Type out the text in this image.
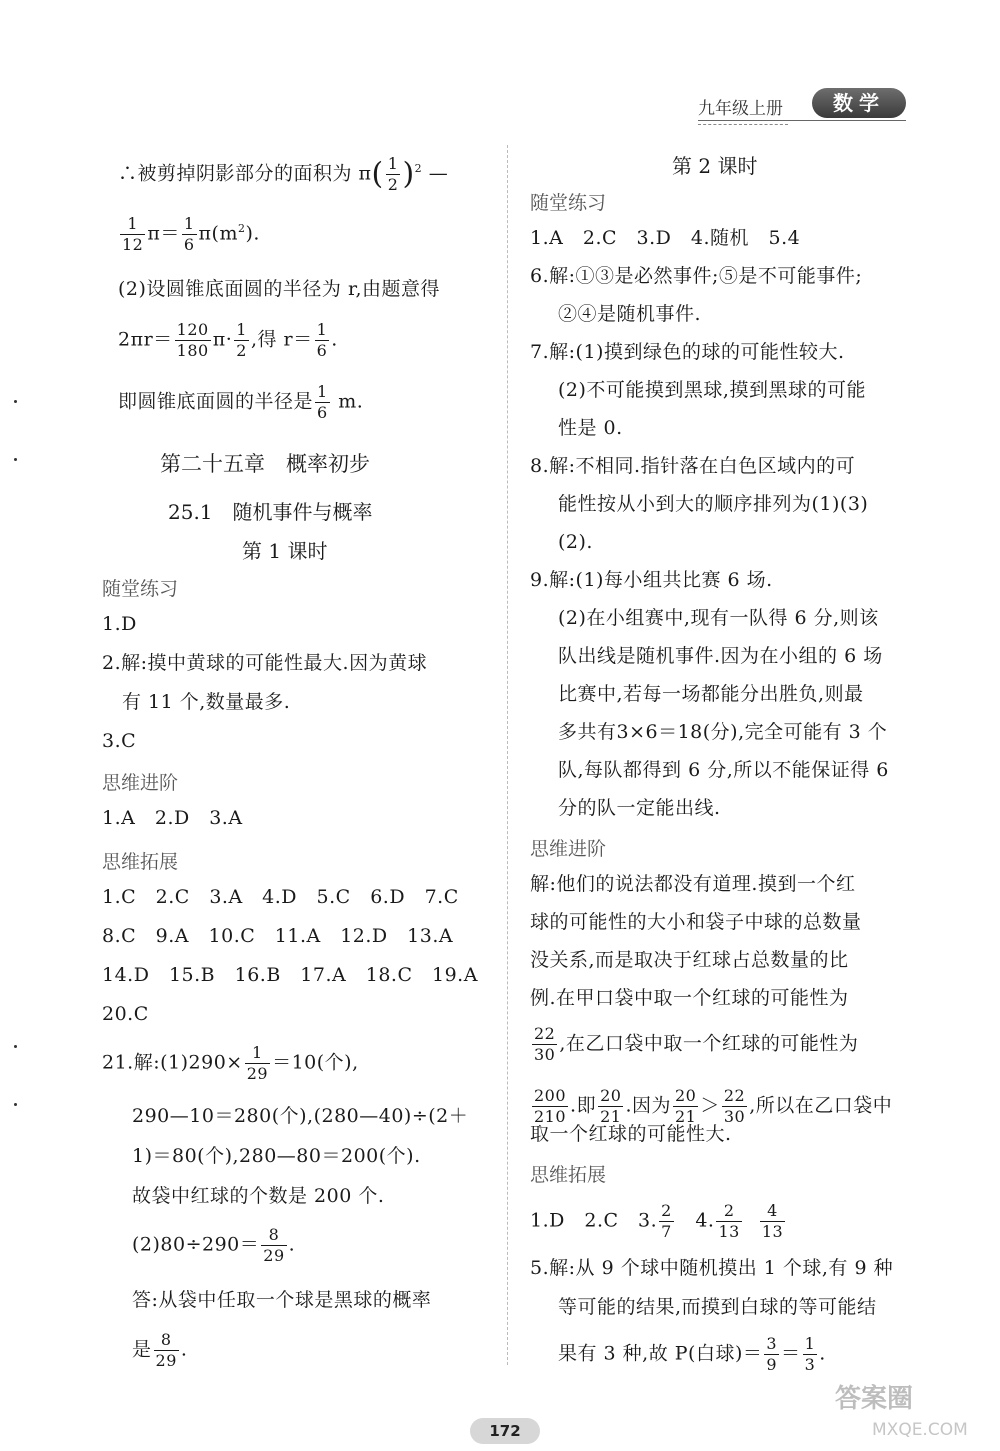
九年级上册	数学
∴被剪掉阴影部分的面积为 $\pi( \frac{1}{2} )^2$ —
$\frac{1}{12} \pi= \frac{1}{6} \pi(m^2)$.
(2)设圆锥底面圆的半径为 r,由题意得
$2\pi r= \frac{120}{180} \pi\cdot \frac{1}{2}$ ,得 $r= \frac{1}{6}$ .
即圆锥底面圆的半径是 $\frac{1}{6} m$.
第二十五章　概率初步
25.1　随机事件与概率
第 1 课时
随堂练习
1.D
2.解:摸中黄球的可能性最大.因为黄球
有 11 个,数量最多.
3.C
思维进阶
1.A　2.D　3.A
思维拓展
1.C　2.C　3.A　4.D　5.C　6.D　7.C
8.C　9.A　10.C　11.A　12.D　13.A
14.D　15.B　16.B　17.A　18.C　19.A
20.C
21.解:(1)290× $\frac{1}{29} =10$(个),
290—10＝280(个),(280—40)÷(2＋
1)＝80(个),280—80＝200(个).
故袋中红球的个数是 200 个.
$(2)80\div 290= \frac{8}{29}$ .
答:从袋中任取一个球是黑球的概率
是 $\frac{8}{29}$ .
第 2 课时
随堂练习
1.A　2.C　3.D　4.随机　5.4
6.解:①③是必然事件;⑤是不可能事件;
②④是随机事件.
7.解:(1)摸到绿色的球的可能性较大.
(2)不可能摸到黑球,摸到黑球的可能
性是 0.
8.解:不相同.指针落在白色区域内的可
能性按从小到大的顺序排列为(1)(3)
(2).
9.解:(1)每小组共比赛 6 场.
(2)在小组赛中,现有一队得 6 分,则该
队出线是随机事件.因为在小组的 6 场
比赛中,若每一场都能分出胜负,则最
多共有3×6＝18(分),完全可能有 3 个
队,每队都得到 6 分,所以不能保证得 6
分的队一定能出线.
思维进阶
解:他们的说法都没有道理.摸到一个红
球的可能性的大小和袋子中球的总数量
没关系,而是取决于红球占总数量的比
例.在甲口袋中取一个红球的可能性为
$\frac{22}{30}$ ,在乙口袋中取一个红球的可能性为
$\frac{200}{210}$ .即 $\frac{20}{21}$ .因为 $\frac{20}{21} > \frac{22}{30}$ ,所以在乙口袋中
取一个红球的可能性大.
思维拓展
1.D　2.C　3. $\frac{2}{7}$ 　4. $\frac{2}{13} \frac{4}{13}$
5.解:从 9 个球中随机摸出 1 个球,有 9 种
等可能的结果,而摸到白球的等可能结
果有 3 种,故 P(白球)＝ $\frac{3}{9} = \frac{1}{3}$ .
172
答案圈
MXQE.COM
